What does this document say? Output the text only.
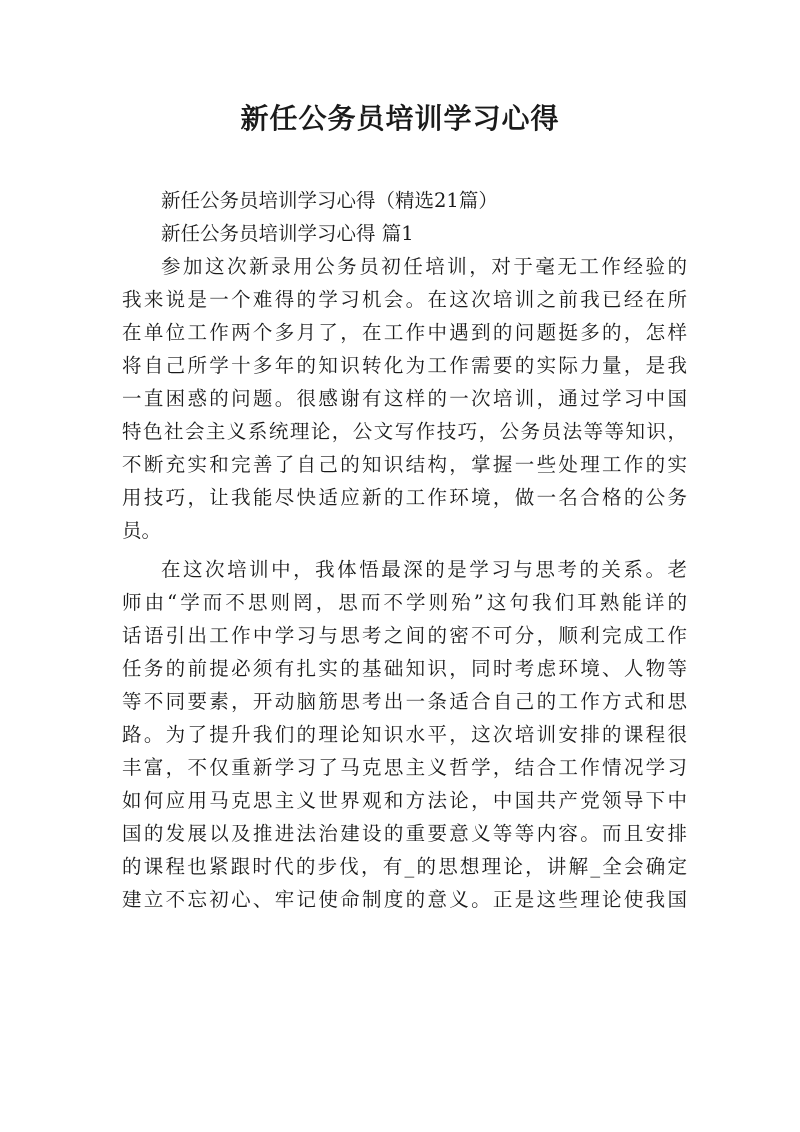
新任公务员培训学习心得
新任公务员培训学习心得（精选21篇）
新任公务员培训学习心得 篇1
参加这次新录用公务员初任培训，对于毫无工作经验的
我来说是一个难得的学习机会。在这次培训之前我已经在所
在单位工作两个多月了，在工作中遇到的问题挺多的，怎样
将自己所学十多年的知识转化为工作需要的实际力量，是我
一直困惑的问题。很感谢有这样的一次培训，通过学习中国
特色社会主义系统理论，公文写作技巧，公务员法等等知识，
不断充实和完善了自己的知识结构，掌握一些处理工作的实
用技巧，让我能尽快适应新的工作环境，做一名合格的公务
员。
在这次培训中，我体悟最深的是学习与思考的关系。老
师由“学而不思则罔，思而不学则殆”这句我们耳熟能详的
话语引出工作中学习与思考之间的密不可分，顺利完成工作
任务的前提必须有扎实的基础知识，同时考虑环境、人物等
等不同要素，开动脑筋思考出一条适合自己的工作方式和思
路。为了提升我们的理论知识水平，这次培训安排的课程很
丰富，不仅重新学习了马克思主义哲学，结合工作情况学习
如何应用马克思主义世界观和方法论，中国共产党领导下中
国的发展以及推进法治建设的重要意义等等内容。而且安排
的课程也紧跟时代的步伐，有_的思想理论，讲解_全会确定
建立不忘初心、牢记使命制度的意义。正是这些理论使我国
